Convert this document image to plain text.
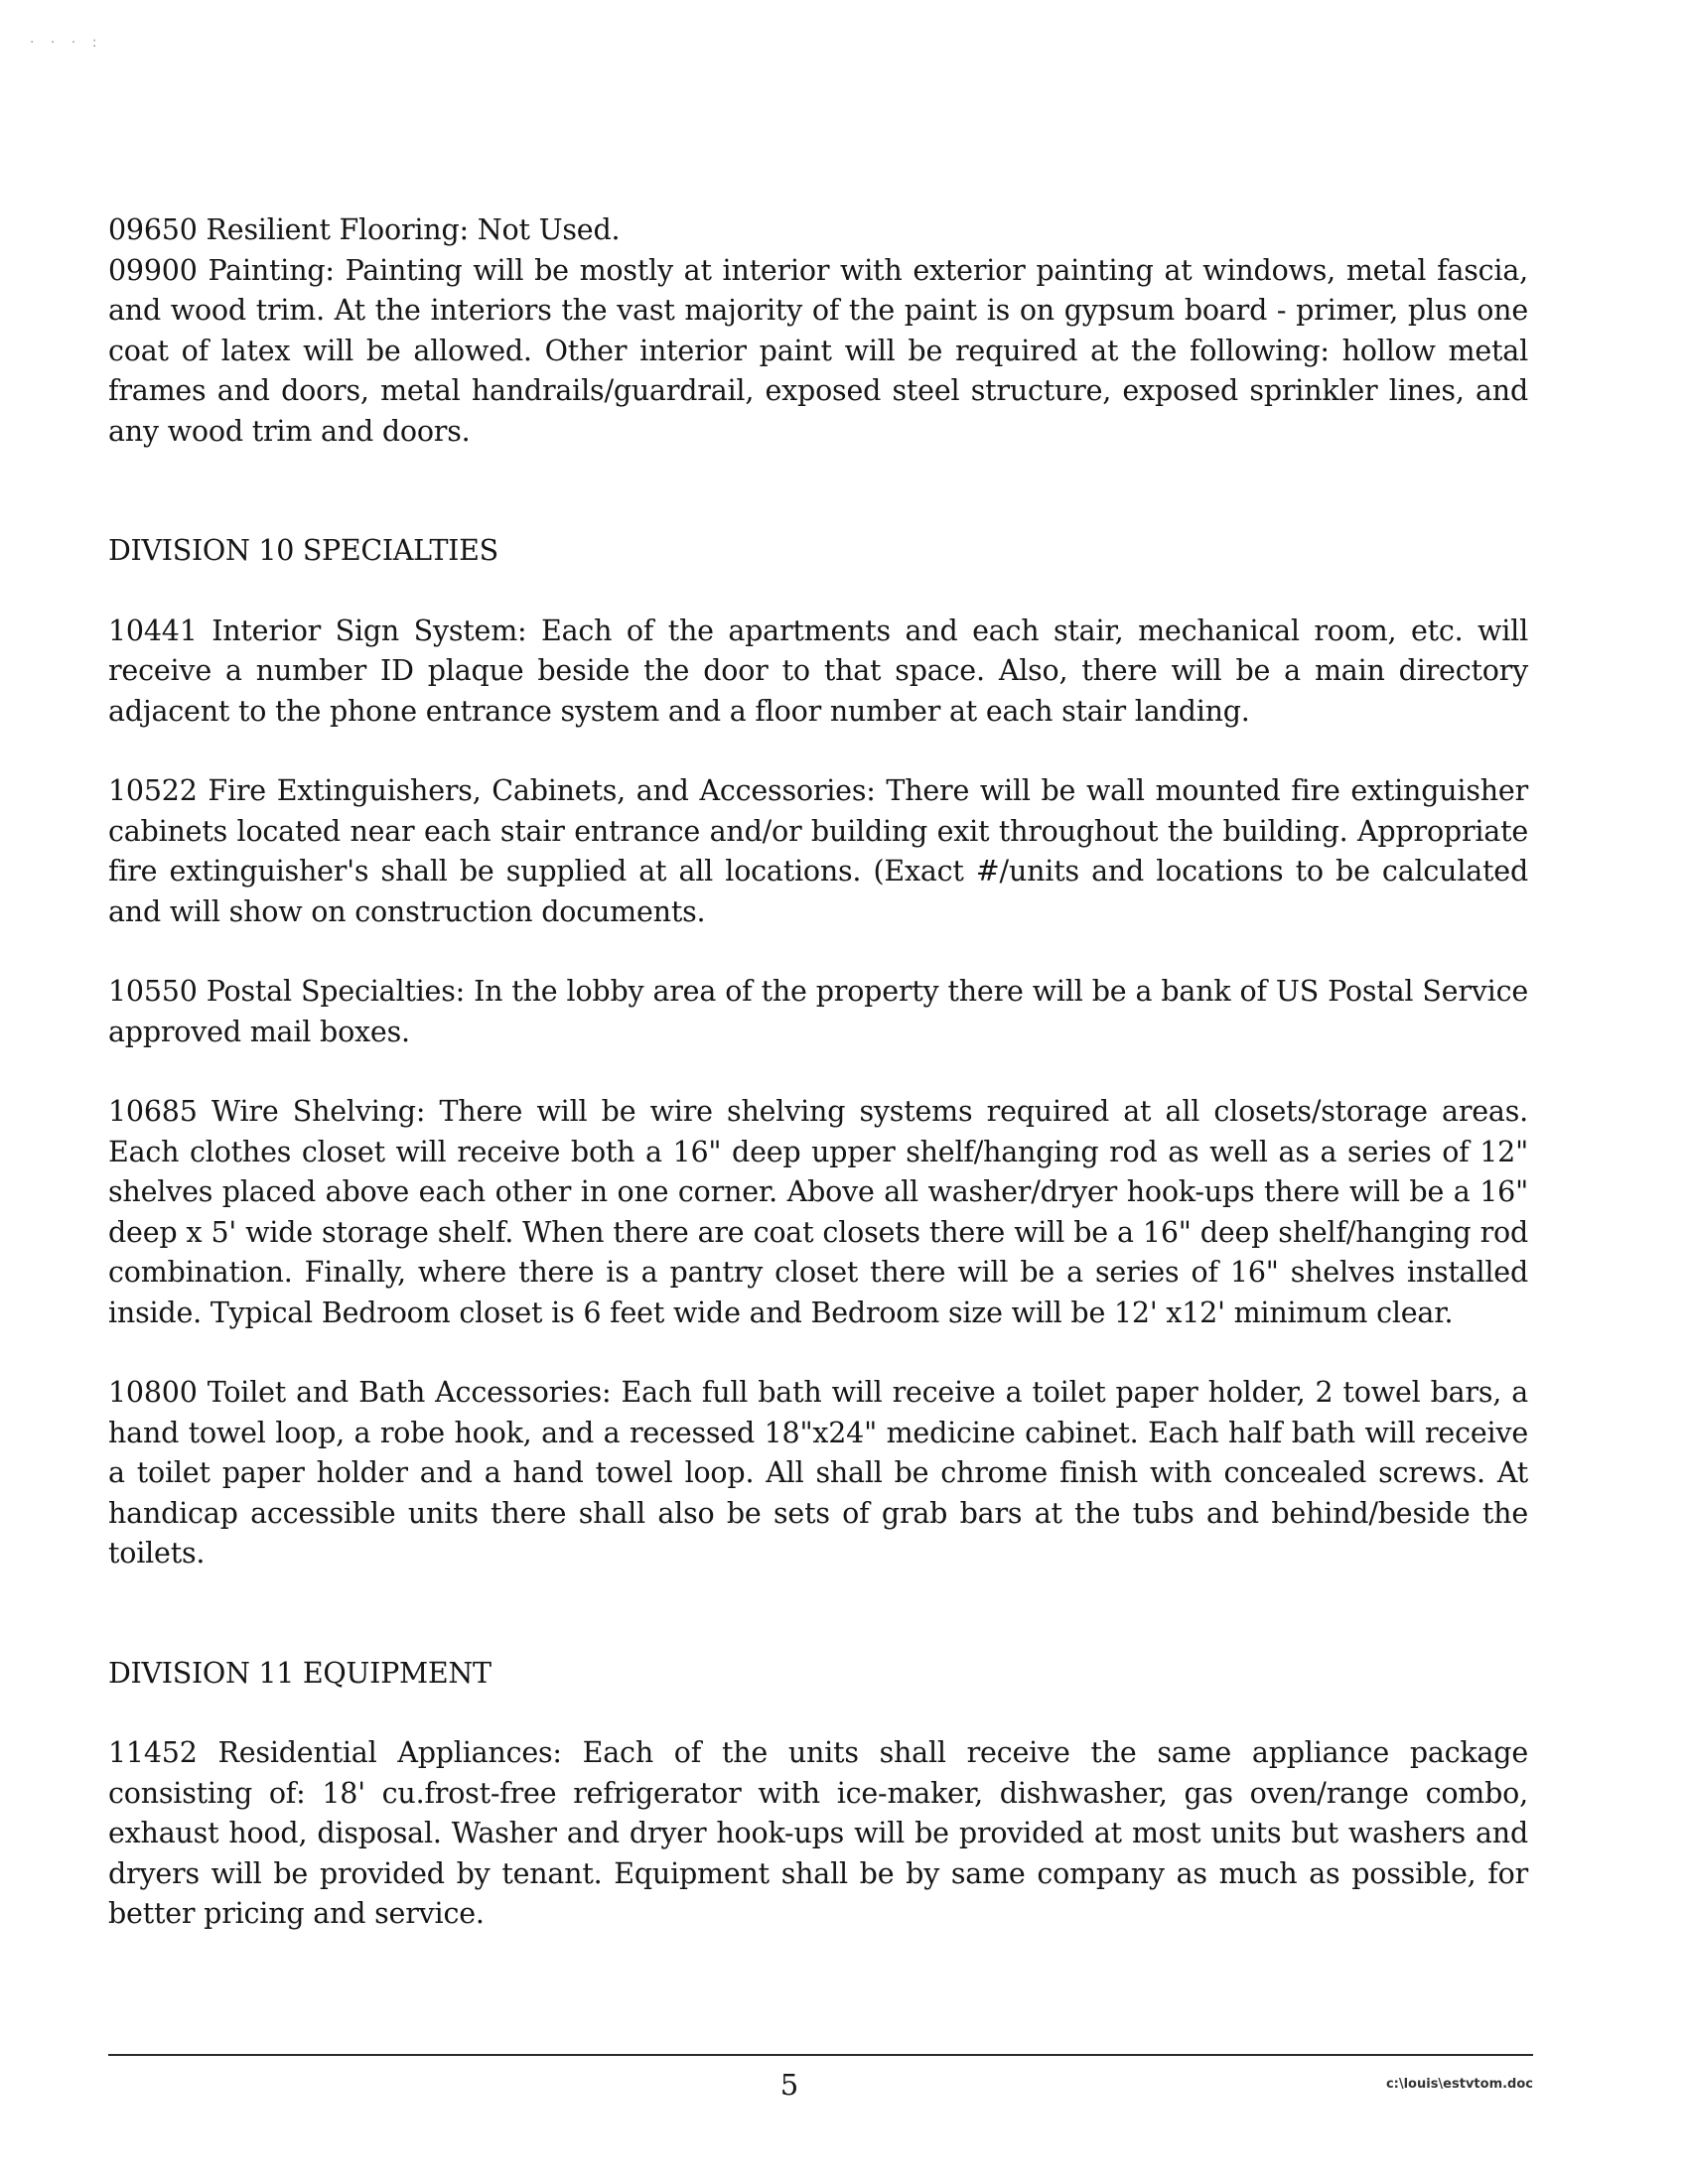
· · · :

09650 Resilient Flooring: Not Used.

09900 Painting: Painting will be mostly at interior with exterior painting at windows, metal fascia, and wood trim. At the interiors the vast majority of the paint is on gypsum board - primer, plus one coat of latex will be allowed. Other interior paint will be required at the following: hollow metal frames and doors, metal handrails/guardrail, exposed steel structure, exposed sprinkler lines, and any wood trim and doors.

DIVISION 10 SPECIALTIES

10441 Interior Sign System: Each of the apartments and each stair, mechanical room, etc. will receive a number ID plaque beside the door to that space. Also, there will be a main directory adjacent to the phone entrance system and a floor number at each stair landing.

10522 Fire Extinguishers, Cabinets, and Accessories: There will be wall mounted fire extinguisher cabinets located near each stair entrance and/or building exit throughout the building. Appropriate fire extinguisher's shall be supplied at all locations. (Exact #/units and locations to be calculated and will show on construction documents.

10550 Postal Specialties: In the lobby area of the property there will be a bank of US Postal Service approved mail boxes.

10685 Wire Shelving: There will be wire shelving systems required at all closets/storage areas. Each clothes closet will receive both a 16" deep upper shelf/hanging rod as well as a series of 12" shelves placed above each other in one corner. Above all washer/dryer hook-ups there will be a 16" deep x 5' wide storage shelf. When there are coat closets there will be a 16" deep shelf/hanging rod combination. Finally, where there is a pantry closet there will be a series of 16" shelves installed inside. Typical Bedroom closet is 6 feet wide and Bedroom size will be 12' x12' minimum clear.

10800 Toilet and Bath Accessories: Each full bath will receive a toilet paper holder, 2 towel bars, a hand towel loop, a robe hook, and a recessed 18"x24" medicine cabinet. Each half bath will receive a toilet paper holder and a hand towel loop. All shall be chrome finish with concealed screws. At handicap accessible units there shall also be sets of grab bars at the tubs and behind/beside the toilets.

DIVISION 11 EQUIPMENT

11452 Residential Appliances: Each of the units shall receive the same appliance package consisting of: 18' cu.frost-free refrigerator with ice-maker, dishwasher, gas oven/range combo, exhaust hood, disposal. Washer and dryer hook-ups will be provided at most units but washers and dryers will be provided by tenant. Equipment shall be by same company as much as possible, for better pricing and service.

5	c:\louis\estvtom.doc
